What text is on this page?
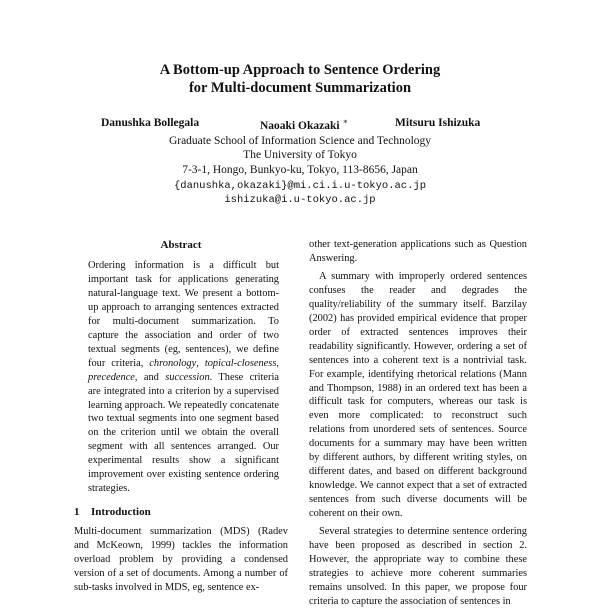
A Bottom-up Approach to Sentence Ordering
for Multi-document Summarization
Danushka Bollegala	Naoaki Okazaki ∗	Mitsuru Ishizuka
Graduate School of Information Science and Technology
The University of Tokyo
7-3-1, Hongo, Bunkyo-ku, Tokyo, 113-8656, Japan
{danushka,okazaki}@mi.ci.i.u-tokyo.ac.jp
ishizuka@i.u-tokyo.ac.jp
Abstract

Ordering information is a difficult but important task for applications generating natural-language text. We present a bottom-up approach to arranging sentences extracted for multi-document summarization. To capture the association and order of two textual segments (eg, sentences), we define four criteria, chronology, topical-closeness, precedence, and succession. These criteria are integrated into a criterion by a supervised learning approach. We repeatedly concatenate two textual segments into one segment based on the criterion until we obtain the overall segment with all sentences arranged. Our experimental results show a significant improvement over existing sentence ordering strategies.

1 Introduction

Multi-document summarization (MDS) (Radev and McKeown, 1999) tackles the information overload problem by providing a condensed version of a set of documents. Among a number of sub-tasks involved in MDS, eg, sentence ex-

other text-generation applications such as Question Answering.

A summary with improperly ordered sentences confuses the reader and degrades the quality/reliability of the summary itself. Barzilay (2002) has provided empirical evidence that proper order of extracted sentences improves their readability significantly. However, ordering a set of sentences into a coherent text is a nontrivial task. For example, identifying rhetorical relations (Mann and Thompson, 1988) in an ordered text has been a difficult task for computers, whereas our task is even more complicated: to reconstruct such relations from unordered sets of sentences. Source documents for a summary may have been written by different authors, by different writing styles, on different dates, and based on different background knowledge. We cannot expect that a set of extracted sentences from such diverse documents will be coherent on their own.

Several strategies to determine sentence ordering have been proposed as described in section 2. However, the appropriate way to combine these strategies to achieve more coherent summaries remains unsolved. In this paper, we propose four criteria to capture the association of sentences in
